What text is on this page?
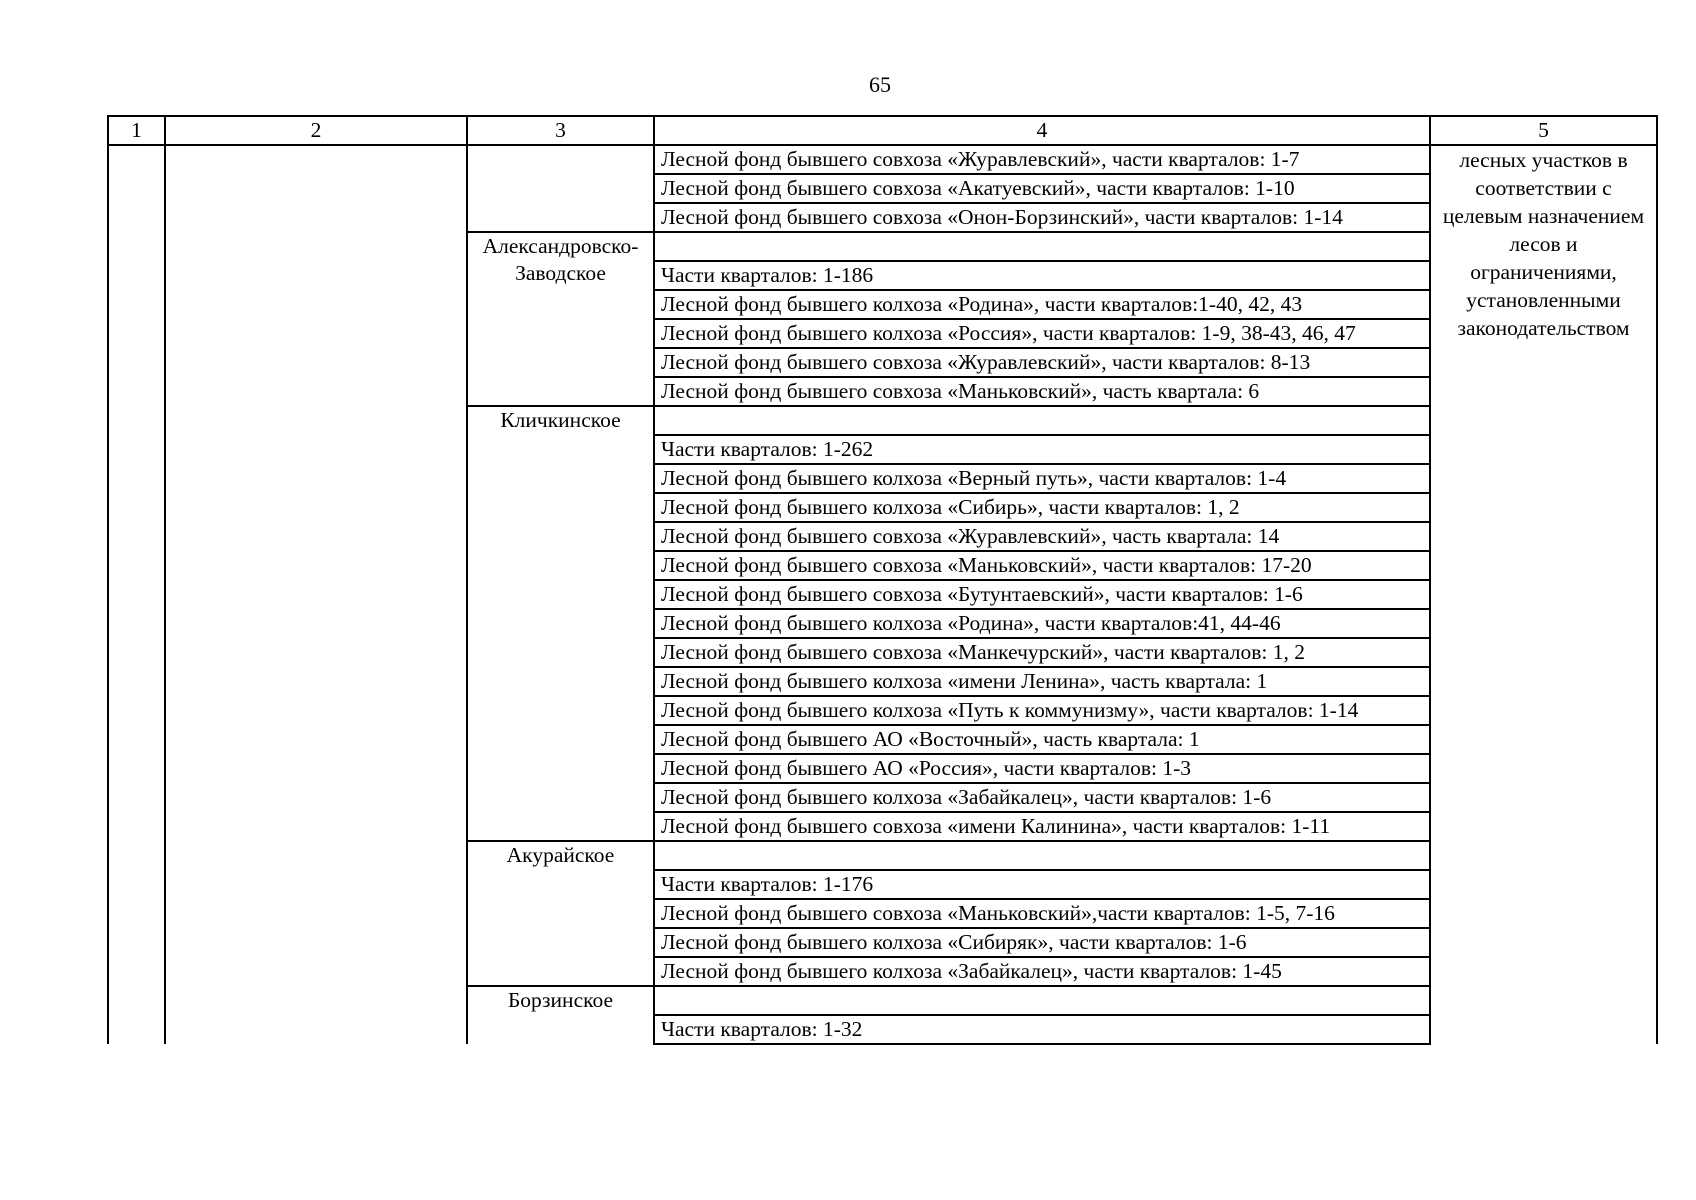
65
1	2	3	4	5
			Лесной фонд бывшего совхоза «Журавлевский», части кварталов: 1-7	лесных участков в соответствии с целевым назначением лесов и ограничениями, установленными законодательством
			Лесной фонд бывшего совхоза «Акатуевский», части кварталов: 1-10	
			Лесной фонд бывшего совхоза «Онон-Борзинский», части кварталов: 1-14	
		Александровско-Заводское		
			Части кварталов: 1-186	
			Лесной фонд бывшего колхоза «Родина», части кварталов:1-40, 42, 43	
			Лесной фонд бывшего колхоза «Россия», части кварталов: 1-9, 38-43, 46, 47	
			Лесной фонд бывшего совхоза «Журавлевский», части кварталов: 8-13	
			Лесной фонд бывшего совхоза «Маньковский», часть квартала: 6	
		Кличкинское		
			Части кварталов: 1-262	
			Лесной фонд бывшего колхоза «Верный путь», части кварталов: 1-4	
			Лесной фонд бывшего колхоза «Сибирь», части кварталов: 1, 2	
			Лесной фонд бывшего совхоза «Журавлевский», часть квартала: 14	
			Лесной фонд бывшего совхоза «Маньковский», части кварталов: 17-20	
			Лесной фонд бывшего совхоза «Бутунтаевский», части кварталов: 1-6	
			Лесной фонд бывшего колхоза «Родина», части кварталов:41, 44-46	
			Лесной фонд бывшего совхоза «Манкечурский», части кварталов: 1, 2	
			Лесной фонд бывшего колхоза «имени Ленина», часть квартала: 1	
			Лесной фонд бывшего колхоза «Путь к коммунизму», части кварталов: 1-14	
			Лесной фонд бывшего АО «Восточный», часть квартала: 1	
			Лесной фонд бывшего АО «Россия», части кварталов: 1-3	
			Лесной фонд бывшего колхоза «Забайкалец», части кварталов: 1-6	
			Лесной фонд бывшего совхоза «имени Калинина», части кварталов: 1-11	
		Акурайское		
			Части кварталов: 1-176	
			Лесной фонд бывшего совхоза «Маньковский»,части кварталов: 1-5, 7-16	
			Лесной фонд бывшего колхоза «Сибиряк», части кварталов: 1-6	
			Лесной фонд бывшего колхоза «Забайкалец», части кварталов: 1-45	
		Борзинское		
			Части кварталов: 1-32	
